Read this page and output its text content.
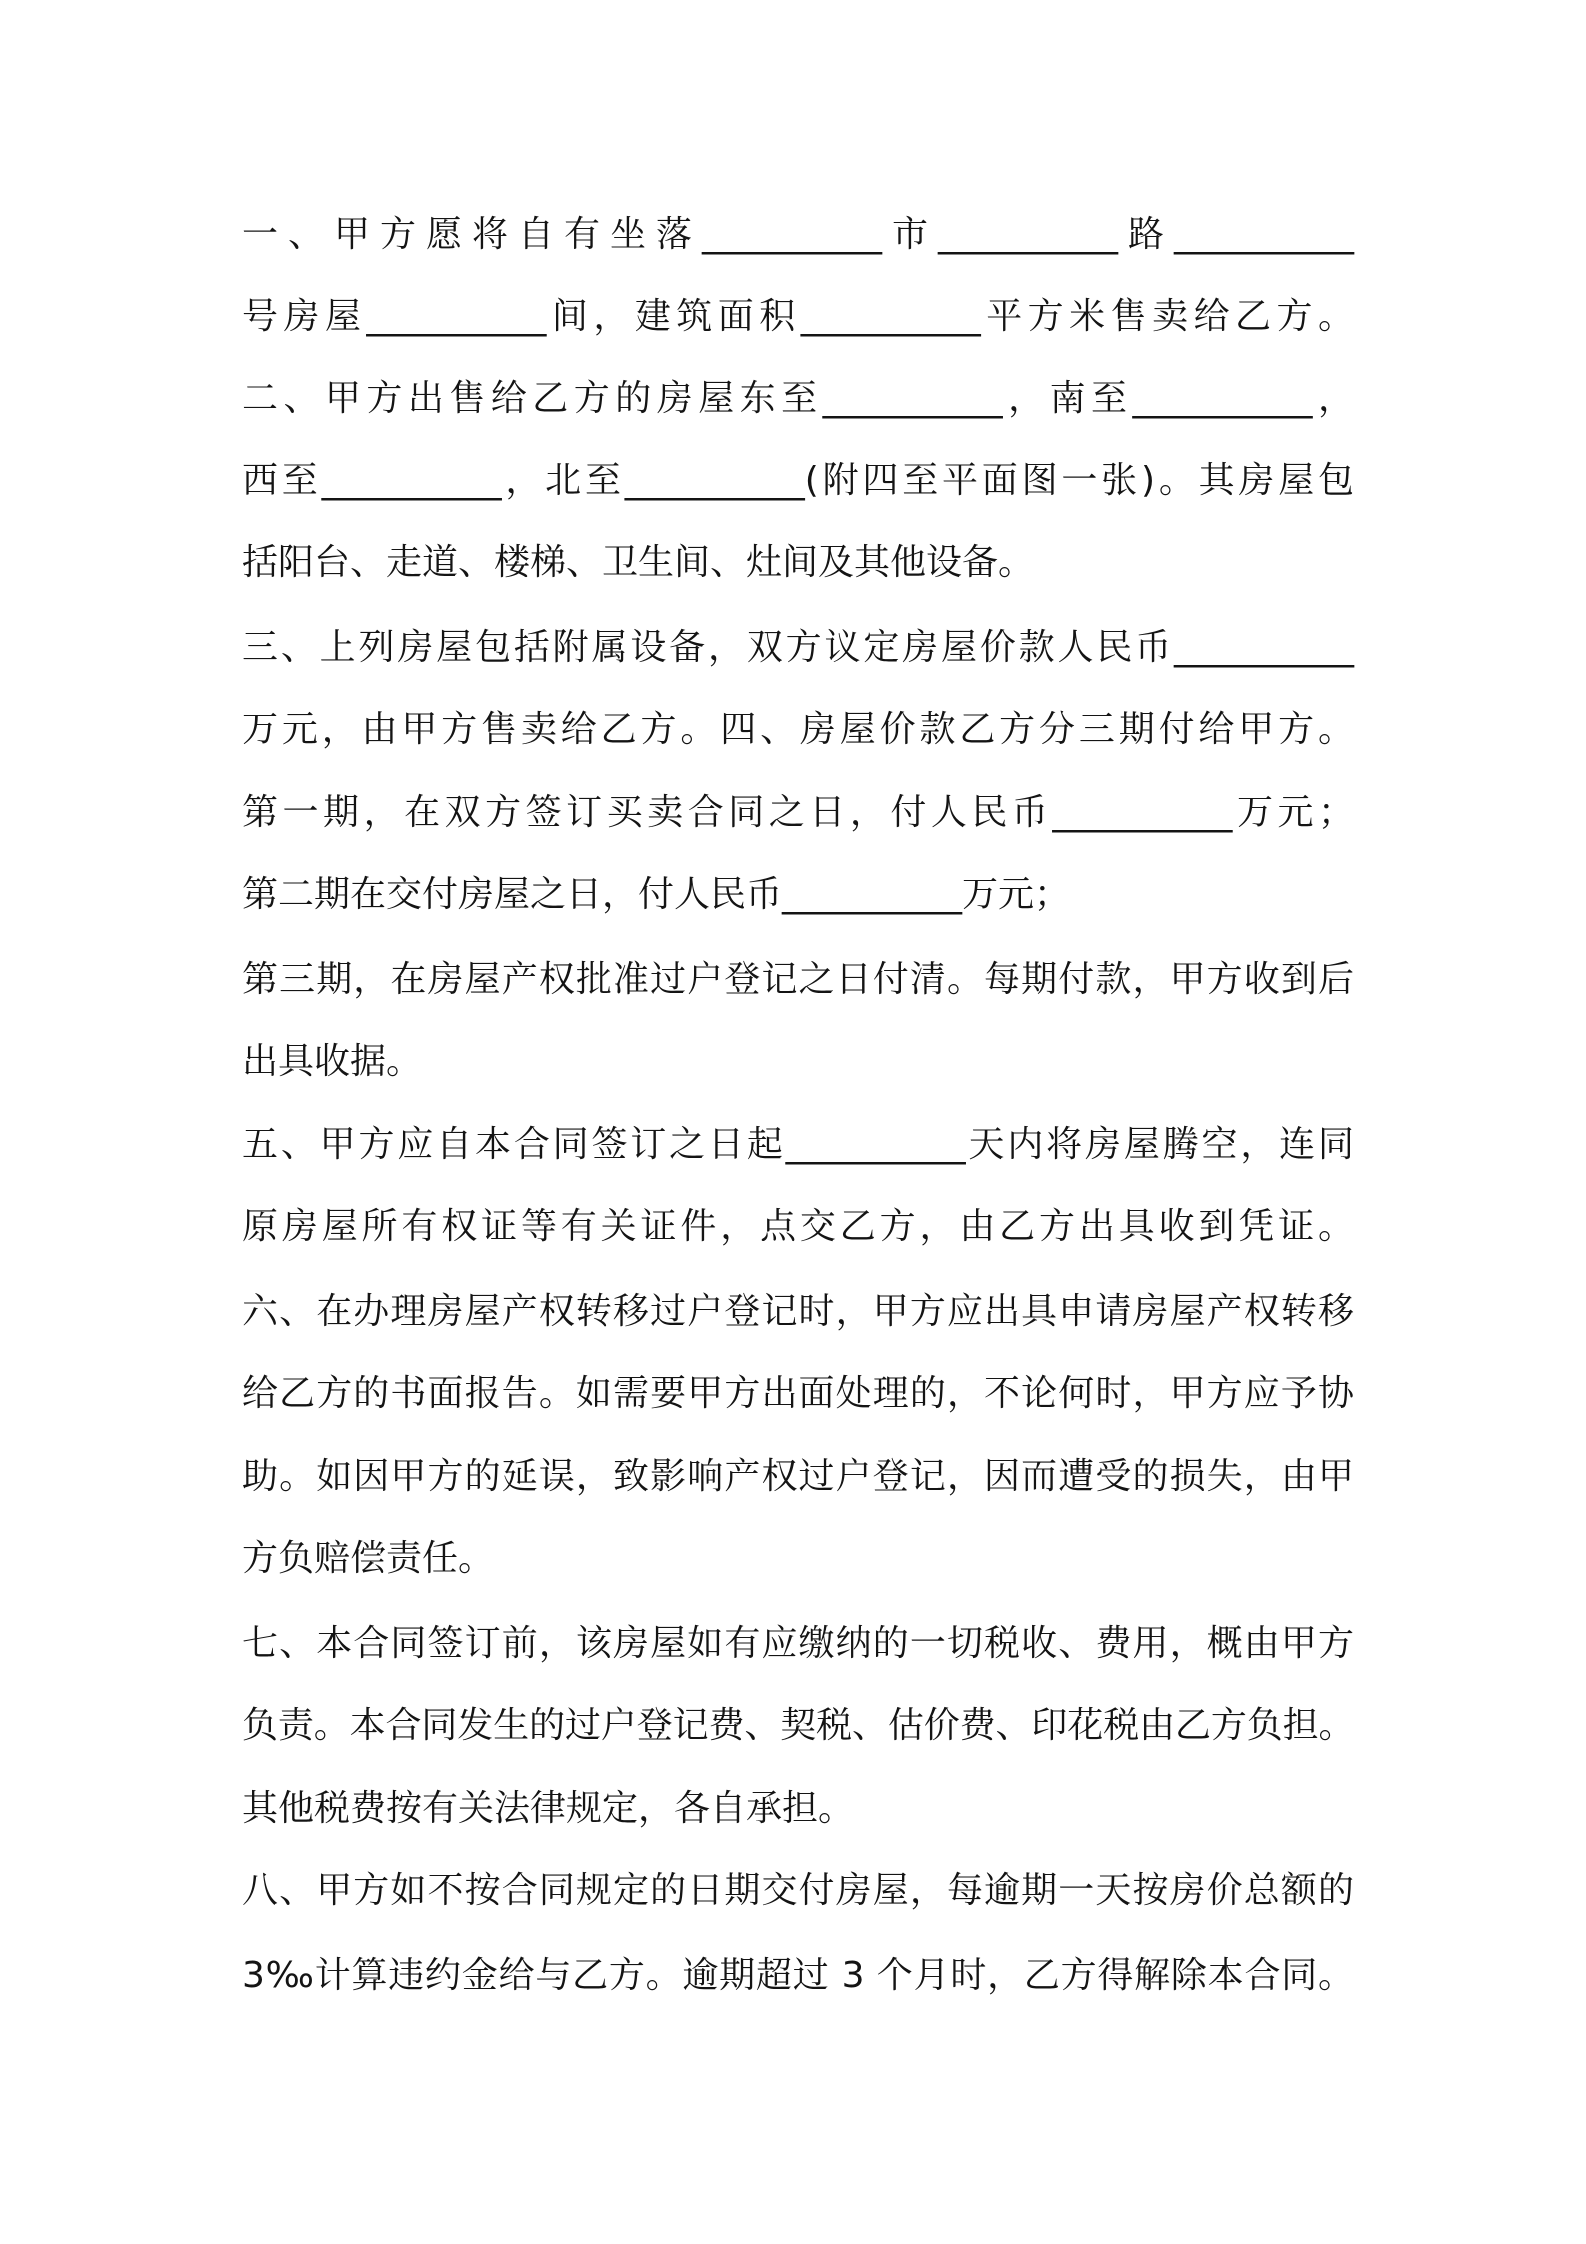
一、甲方愿将自有坐落__________市__________路__________
号房屋__________间，建筑面积__________平方米售卖给乙方。
二、甲方出售给乙方的房屋东至__________，南至__________，
西至__________，北至__________(附四至平面图一张)。其房屋包
括阳台、走道、楼梯、卫生间、灶间及其他设备。
三、上列房屋包括附属设备，双方议定房屋价款人民币__________
万元，由甲方售卖给乙方。四、房屋价款乙方分三期付给甲方。
第一期，在双方签订买卖合同之日，付人民币__________万元；
第二期在交付房屋之日，付人民币__________万元；
第三期，在房屋产权批准过户登记之日付清。每期付款，甲方收到后
出具收据。
五、甲方应自本合同签订之日起__________天内将房屋腾空，连同
原房屋所有权证等有关证件，点交乙方，由乙方出具收到凭证。
六、在办理房屋产权转移过户登记时，甲方应出具申请房屋产权转移
给乙方的书面报告。如需要甲方出面处理的，不论何时，甲方应予协
助。如因甲方的延误，致影响产权过户登记，因而遭受的损失，由甲
方负赔偿责任。
七、本合同签订前，该房屋如有应缴纳的一切税收、费用，概由甲方
负责。本合同发生的过户登记费、契税、估价费、印花税由乙方负担。
其他税费按有关法律规定，各自承担。
八、甲方如不按合同规定的日期交付房屋，每逾期一天按房价总额的
3‰计算违约金给与乙方。逾期超过 3 个月时，乙方得解除本合同。
